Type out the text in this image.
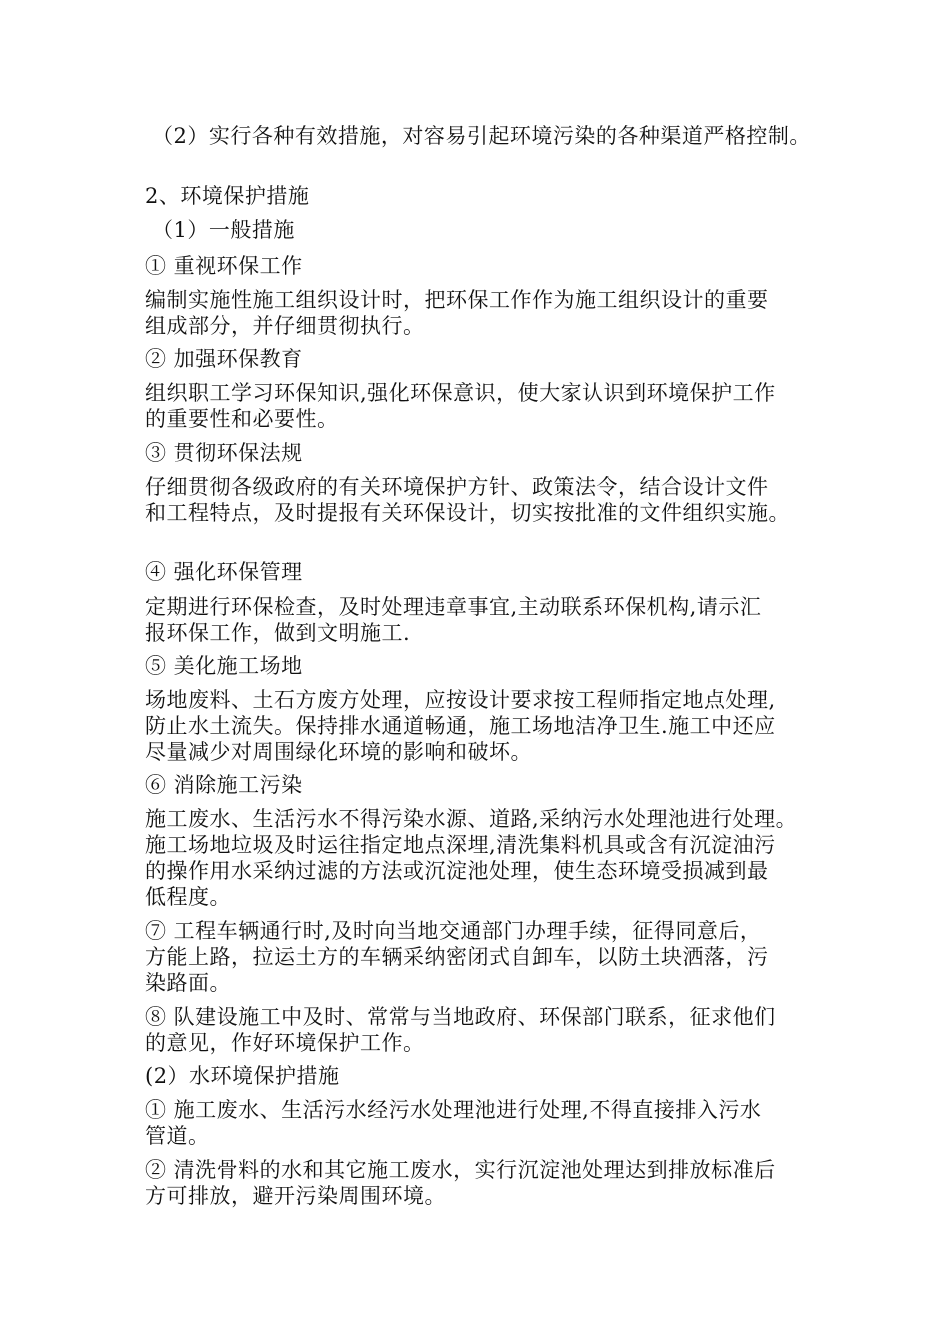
（2）实行各种有效措施，对容易引起环境污染的各种渠道严格控制。
2、环境保护措施
（1）一般措施
① 重视环保工作
编制实施性施工组织设计时，把环保工作作为施工组织设计的重要
组成部分，并仔细贯彻执行。
② 加强环保教育
组织职工学习环保知识,强化环保意识，使大家认识到环境保护工作
的重要性和必要性。
③ 贯彻环保法规
仔细贯彻各级政府的有关环境保护方针、政策法令，结合设计文件
和工程特点，及时提报有关环保设计，切实按批准的文件组织实施。
④ 强化环保管理
定期进行环保检查，及时处理违章事宜,主动联系环保机构,请示汇
报环保工作，做到文明施工.
⑤ 美化施工场地
场地废料、土石方废方处理，应按设计要求按工程师指定地点处理,
防止水土流失。保持排水通道畅通，施工场地洁净卫生.施工中还应
尽量减少对周围绿化环境的影响和破坏。
⑥ 消除施工污染
施工废水、生活污水不得污染水源、道路,采纳污水处理池进行处理。
施工场地垃圾及时运往指定地点深埋,清洗集料机具或含有沉淀油污
的操作用水采纳过滤的方法或沉淀池处理，使生态环境受损减到最
低程度。
⑦ 工程车辆通行时,及时向当地交通部门办理手续，征得同意后，
方能上路，拉运土方的车辆采纳密闭式自卸车，以防土块洒落，污
染路面。
⑧ 队建设施工中及时、常常与当地政府、环保部门联系，征求他们
的意见，作好环境保护工作。
(2）水环境保护措施
① 施工废水、生活污水经污水处理池进行处理,不得直接排入污水
管道。
② 清洗骨料的水和其它施工废水，实行沉淀池处理达到排放标准后
方可排放，避开污染周围环境。
